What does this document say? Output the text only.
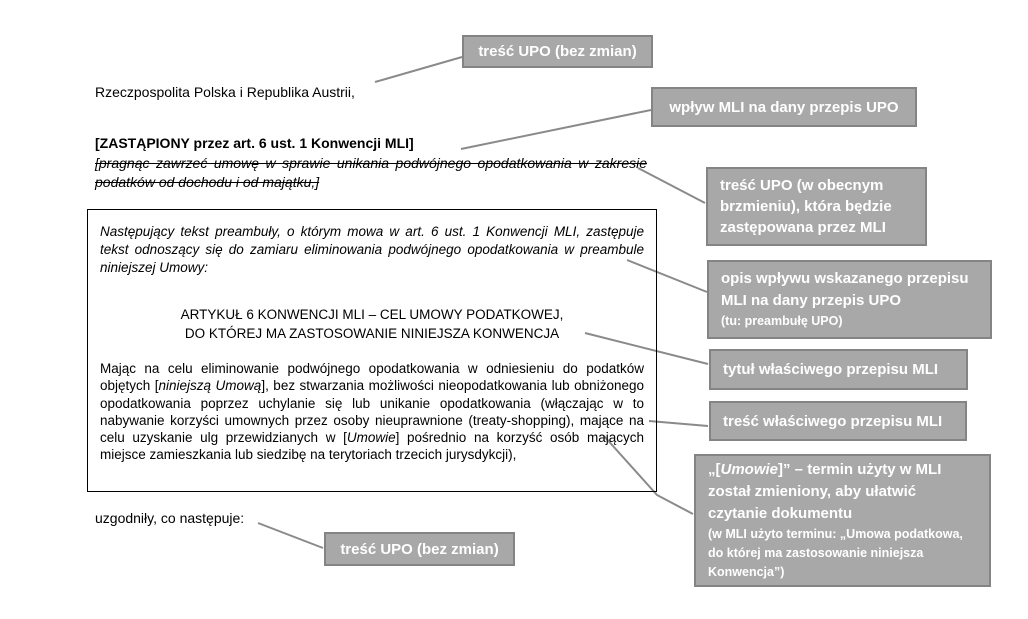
Rzeczpospolita Polska i Republika Austrii,
[ZASTĄPIONY przez art. 6 ust. 1 Konwencji MLI]
[pragnąc zawrzeć umowę w sprawie unikania podwójnego opodatkowania w zakresie podatków od dochodu i od majątku,]

Następujący tekst preambuły, o którym mowa w art. 6 ust. 1 Konwencji MLI, zastępuje tekst odnoszący się do zamiaru eliminowania podwójnego opodatkowania w preambule niniejszej Umowy:

ARTYKUŁ 6 KONWENCJI MLI – CEL UMOWY PODATKOWEJ,
DO KTÓREJ MA ZASTOSOWANIE NINIEJSZA KONWENCJA

Mając na celu eliminowanie podwójnego opodatkowania w odniesieniu do podatków objętych [niniejszą Umową], bez stwarzania możliwości nieopodatkowania lub obniżonego opodatkowania poprzez uchylanie się lub unikanie opodatkowania (włączając w to nabywanie korzyści umownych przez osoby nieuprawnione (treaty-shopping), mające na celu uzyskanie ulg przewidzianych w [Umowie] pośrednio na korzyść osób mających miejsce zamieszkania lub siedzibę na terytoriach trzecich jurysdykcji),

uzgodniły, co następuje:
treść UPO (bez zmian)
wpływ MLI na dany przepis UPO
treść UPO (w obecnym brzmieniu), która będzie zastępowana przez MLI
opis wpływu wskazanego przepisu MLI na dany przepis UPO
(tu: preambułę UPO)
tytuł właściwego przepisu MLI
treść właściwego przepisu MLI
„[Umowie]” – termin użyty w MLI został zmieniony, aby ułatwić czytanie dokumentu
(w MLI użyto terminu: „Umowa podatkowa, do której ma zastosowanie niniejsza Konwencja”)
treść UPO (bez zmian)
